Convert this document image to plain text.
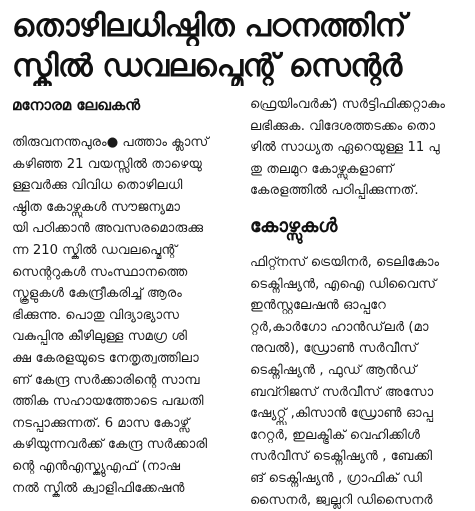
തൊഴിലധിഷ്ഠിത പഠനത്തിന്
സ്കിൽ ഡവലപ്മെന്റ് സെന്റർ
മനോരമ ലേഖകൻ
തിരുവനന്തപുരം● പത്താം ക്ലാസ്
കഴിഞ്ഞ 21 വയസ്സിൽ താഴെയു
ള്ളവർക്കു വിവിധ തൊഴിലധി
ഷ്ഠിത കോഴ്സുകൾ സൗജന്യമാ
യി പഠിക്കാൻ അവസരമൊരുക്കു
ന്ന 210 സ്കിൽ ഡവലപ്മെന്റ്
സെന്ററുകൾ സംസ്ഥാനത്തെ
സ്കൂളുകൾ കേന്ദ്രീകരിച്ച് ആരം
ഭിക്കുന്നു. പൊതു വിദ്യാഭ്യാസ
വകുപ്പിനു കീഴിലുള്ള സമഗ്ര ശി
ക്ഷ കേരളയുടെ നേതൃത്വത്തിലാ
ണ് കേന്ദ്ര സർക്കാരിന്റെ സാമ്പ
ത്തിക സഹായത്തോടെ പദ്ധതി
നടപ്പാക്കുന്നത്. 6 മാസ കോഴ്സ്
കഴിയുന്നവർക്ക് കേന്ദ്ര സർക്കാരി
ന്റെ എൻഎസ്ക്യുഎഫ് (നാഷ
നൽ സ്കിൽ ക്വാളിഫിക്കേഷൻ
ഫ്രെയിംവർക്) സർട്ടിഫിക്കറ്റാകും
ലഭിക്കുക. വിദേശത്തടക്കം തൊ
ഴിൽ സാധ്യത ഏറെയുള്ള 11 പു
തു തലമുറ കോഴ്സുകളാണ്
കേരളത്തിൽ പഠിപ്പിക്കുന്നത്.
കോഴ്സുകൾ
ഫിറ്റ്നസ് ട്രെയിനർ, ടെലികോം
ടെക്നിഷ്യൻ, എഐ ഡിവൈസ്
ഇൻസ്റ്റലേഷൻ ഓപ്പറേ
റ്റർ,കാർഗോ ഹാൻഡ്‌ലർ (മാ
നുവൽ), ഡ്രോൺ സർവീസ്
ടെക്നിഷ്യൻ , ഫുഡ് ആൻഡ്
ബവ്റിജസ് സർവീസ് അസോ
ഷ്യേറ്റ്സ് ,കിസാൻ ഡ്രോൺ ഓപ്പ
റേറ്റർ, ഇലക്ട്രിക് വെഹിക്കിൾ
സർവീസ് ടെക്നിഷ്യൻ , ബേക്കി
ങ് ടെക്നിഷ്യൻ , ഗ്രാഫിക് ഡി
സൈനർ, ജ്വല്ലറി ഡിസൈനർ
